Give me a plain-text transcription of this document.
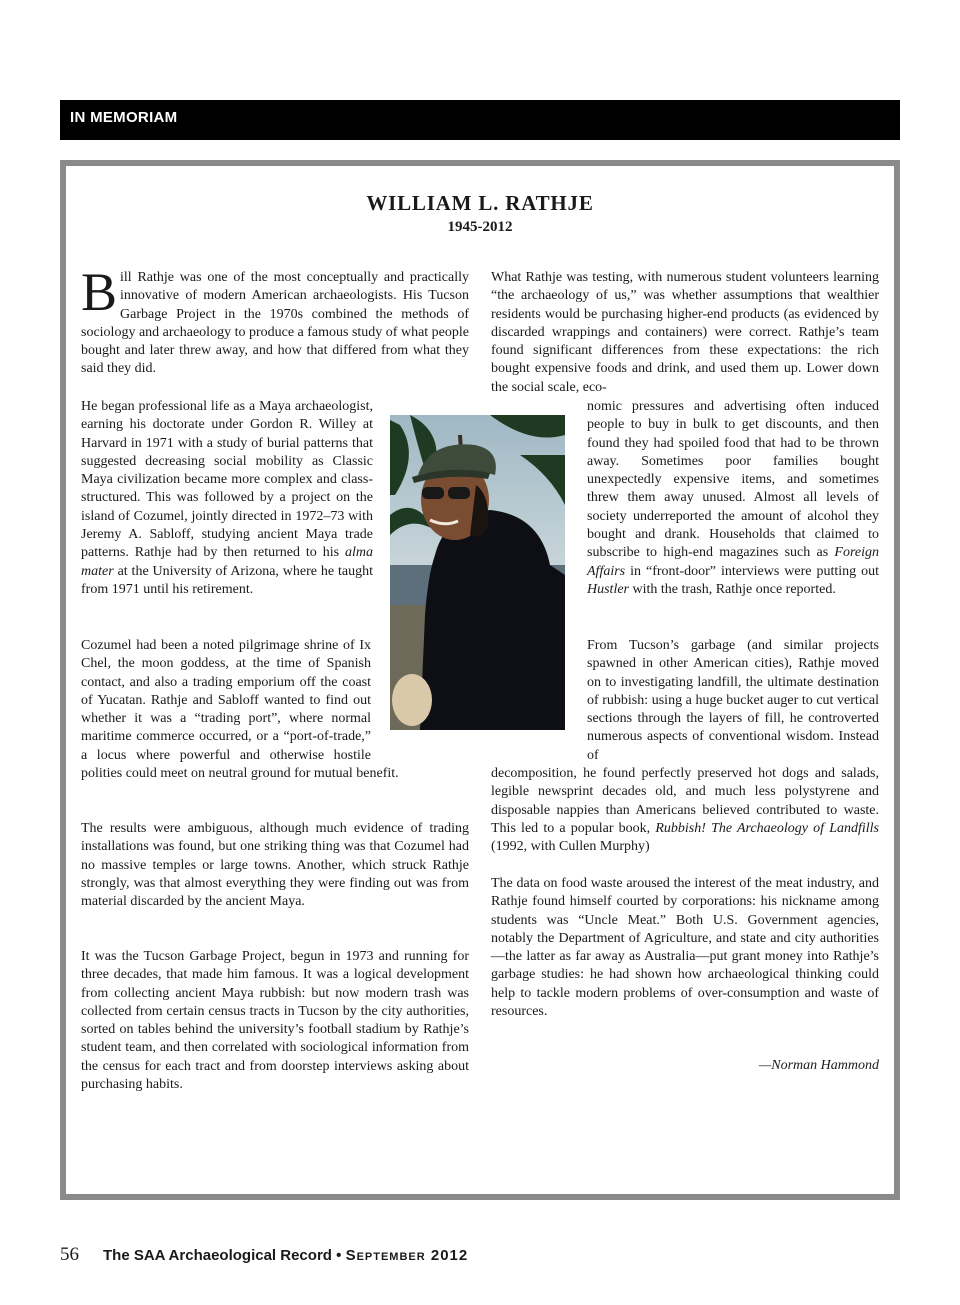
IN MEMORIAM
WILLIAM L. RATHJE
1945-2012

Bill Rathje was one of the most conceptually and practically innovative of modern American archaeologists. His Tucson Garbage Project in the 1970s combined the methods of sociology and archaeology to produce a famous study of what people bought and later threw away, and how that differed from what they said they did.

He began professional life as a Maya archaeologist, earning his doctorate under Gordon R. Willey at Harvard in 1971 with a study of burial patterns that suggested decreasing social mobility as Classic Maya civilization became more complex and class-structured. This was followed by a project on the island of Cozumel, jointly directed in 1972–73 with Jeremy A. Sabloff, studying ancient Maya trade patterns. Rathje had by then returned to his alma mater at the University of Arizona, where he taught from 1971 until his retirement.

Cozumel had been a noted pilgrimage shrine of Ix Chel, the moon goddess, at the time of Spanish contact, and also a trading emporium off the coast of Yucatan. Rathje and Sabloff wanted to find out whether it was a “trading port”, where normal maritime commerce occurred, or a “port-of-trade,” a locus where powerful and otherwise hostile polities could meet on neutral ground for mutual benefit.

The results were ambiguous, although much evidence of trading installations was found, but one striking thing was that Cozumel had no massive temples or large towns. Another, which struck Rathje strongly, was that almost everything they were finding out was from material discarded by the ancient Maya.

It was the Tucson Garbage Project, begun in 1973 and running for three decades, that made him famous. It was a logical development from collecting ancient Maya rubbish: but now modern trash was collected from certain census tracts in Tucson by the city authorities, sorted on tables behind the university’s football stadium by Rathje’s student team, and then correlated with sociological information from the census for each tract and from doorstep interviews asking about purchasing habits.

What Rathje was testing, with numerous student volunteers learning “the archaeology of us,” was whether assumptions that wealthier residents would be purchasing higher-end products (as evidenced by discarded wrappings and containers) were correct. Rathje’s team found significant differences from these expectations: the rich bought expensive foods and drink, and used them up. Lower down the social scale, eco-

nomic pressures and advertising often induced people to buy in bulk to get discounts, and then found they had spoiled food that had to be thrown away. Sometimes poor families bought unexpectedly expensive items, and sometimes threw them away unused. Almost all levels of society underreported the amount of alcohol they bought and drank. Households that claimed to subscribe to high-end magazines such as Foreign Affairs in “front-door” interviews were putting out Hustler with the trash, Rathje once reported.

From Tucson’s garbage (and similar projects spawned in other American cities), Rathje moved on to investigating landfill, the ultimate destination of rubbish: using a huge bucket auger to cut vertical sections through the layers of fill, he controverted numerous aspects of conventional wisdom. Instead of

decomposition, he found perfectly preserved hot dogs and salads, legible newsprint decades old, and much less polystyrene and disposable nappies than Americans believed contributed to waste. This led to a popular book, Rubbish! The Archaeology of Landfills (1992, with Cullen Murphy)

The data on food waste aroused the interest of the meat industry, and Rathje found himself courted by corporations: his nickname among students was “Uncle Meat.” Both U.S. Government agencies, notably the Department of Agriculture, and state and city authorities—the latter as far away as Australia—put grant money into Rathje’s garbage studies: he had shown how archaeological thinking could help to tackle modern problems of over-consumption and waste of resources.

—Norman Hammond
56 The SAA Archaeological Record • September 2012
